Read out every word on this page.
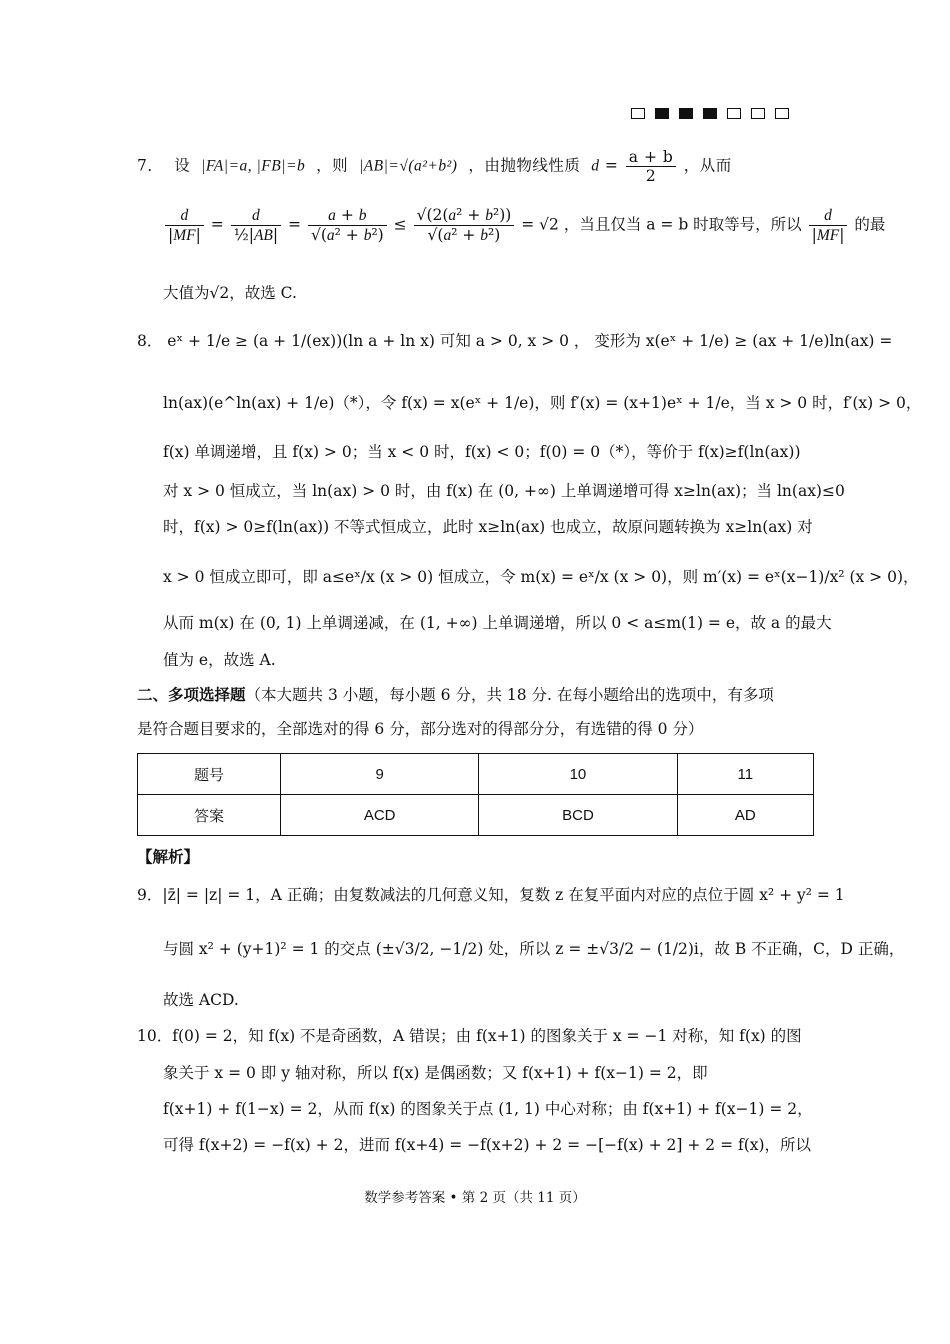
7． 设 |FA|=a, |FB|=b ，则 |AB|=√(a²+b²) ，由抛物线性质 $d = \frac{a + b}{2}$ ，从而
$\frac{d}{|MF|} = \frac{d}{\text{½|AB|}} = \frac{a + b}{\text{√(a² + b²)}} \le \frac{\text{√(2(a² + b²))}}{\text{√(a² + b²)}} = √2$ ，当且仅当 a = b 时取等号，所以 $\frac{d}{|MF|}$ 的最
大值为√2，故选 C.
8． eˣ + 1/e ≥ (a + 1/(ex))(ln a + ln x) 可知 a > 0, x > 0 ， 变形为 x(eˣ + 1/e) ≥ (ax + 1/e)ln(ax) =
ln(ax)(e^ln(ax) + 1/e)（*），令 f(x) = x(eˣ + 1/e)，则 f′(x) = (x+1)eˣ + 1/e，当 x > 0 时，f′(x) > 0，
f(x) 单调递增，且 f(x) > 0；当 x < 0 时，f(x) < 0；f(0) = 0（*），等价于 f(x)≥f(ln(ax))
对 x > 0 恒成立，当 ln(ax) > 0 时，由 f(x) 在 (0, +∞) 上单调递增可得 x≥ln(ax)；当 ln(ax)≤0
时，f(x) > 0≥f(ln(ax)) 不等式恒成立，此时 x≥ln(ax) 也成立，故原问题转换为 x≥ln(ax) 对
x > 0 恒成立即可，即 a≤eˣ/x (x > 0) 恒成立，令 m(x) = eˣ/x (x > 0)，则 m′(x) = eˣ(x−1)/x² (x > 0)，
从而 m(x) 在 (0, 1) 上单调递减，在 (1, +∞) 上单调递增，所以 0 < a≤m(1) = e，故 a 的最大
值为 e，故选 A.
二、多项选择题（本大题共 3 小题，每小题 6 分，共 18 分. 在每小题给出的选项中，有多项
是符合题目要求的，全部选对的得 6 分，部分选对的得部分分，有选错的得 0 分）
题号	9	10	11
答案	ACD	BCD	AD
【解析】
9．|z̄| = |z| = 1，A 正确；由复数减法的几何意义知，复数 z 在复平面内对应的点位于圆 x² + y² = 1
与圆 x² + (y+1)² = 1 的交点 (±√3/2, −1/2) 处，所以 z = ±√3/2 − (1/2)i，故 B 不正确，C，D 正确，
故选 ACD.
10．f(0) = 2，知 f(x) 不是奇函数，A 错误；由 f(x+1) 的图象关于 x = −1 对称，知 f(x) 的图
象关于 x = 0 即 y 轴对称，所以 f(x) 是偶函数；又 f(x+1) + f(x−1) = 2，即
f(x+1) + f(1−x) = 2，从而 f(x) 的图象关于点 (1, 1) 中心对称；由 f(x+1) + f(x−1) = 2，
可得 f(x+2) = −f(x) + 2，进而 f(x+4) = −f(x+2) + 2 = −[−f(x) + 2] + 2 = f(x)，所以
数学参考答案 • 第 2 页（共 11 页）
